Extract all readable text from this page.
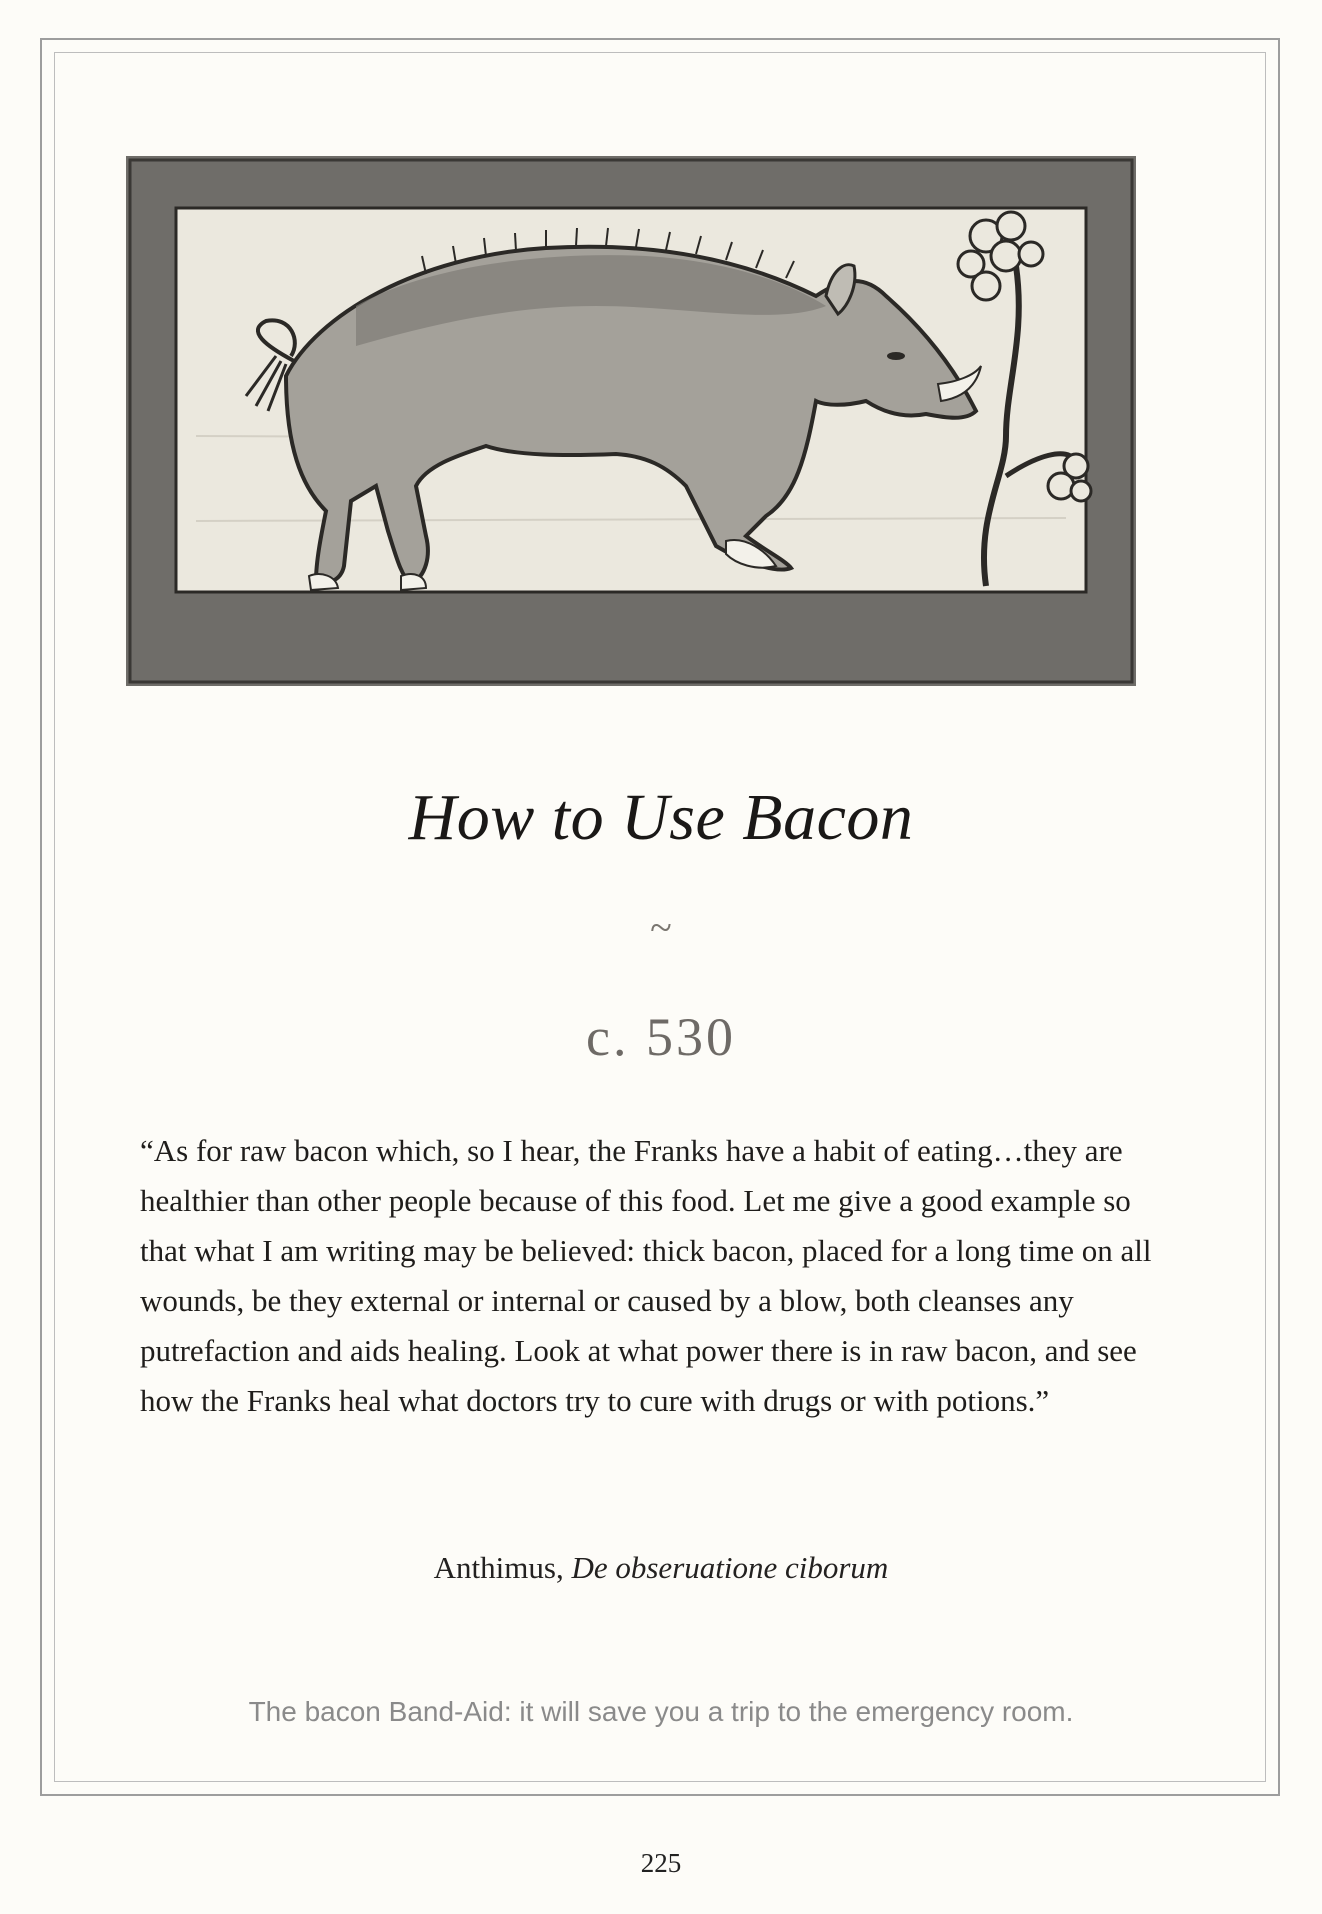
How to Use Bacon
~
c. 530
“As for raw bacon which, so I hear, the Franks have a habit of eating…they are healthier than other people because of this food. Let me give a good example so that what I am writing may be believed: thick bacon, placed for a long time on all wounds, be they external or internal or caused by a blow, both cleanses any putrefaction and aids healing. Look at what power there is in raw bacon, and see how the Franks heal what doctors try to cure with drugs or with potions.”
Anthimus, De obseruatione ciborum
The bacon Band-Aid: it will save you a trip to the emergency room.
225
